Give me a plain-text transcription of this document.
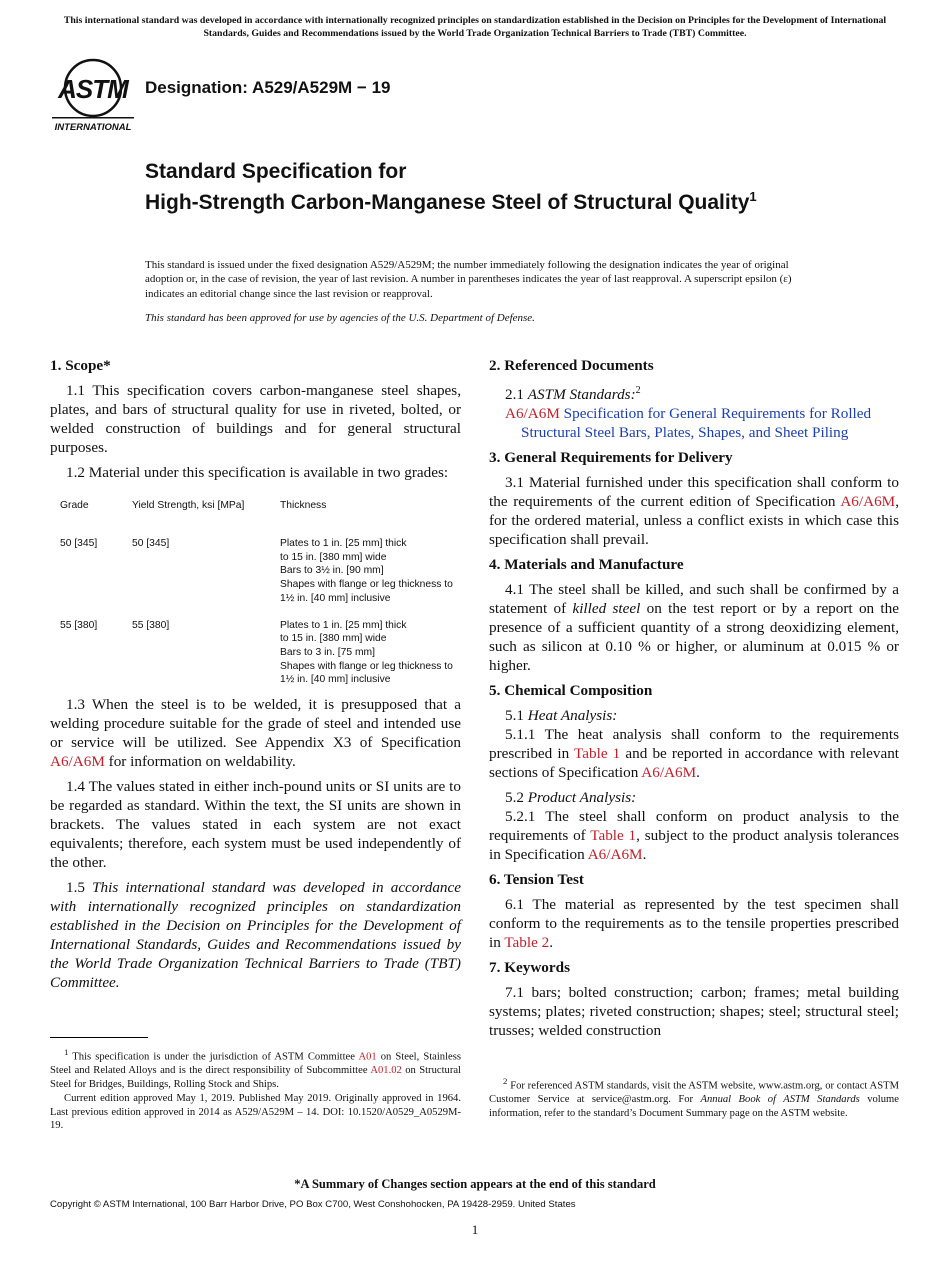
This international standard was developed in accordance with internationally recognized principles on standardization established in the Decision on Principles for the Development of International Standards, Guides and Recommendations issued by the World Trade Organization Technical Barriers to Trade (TBT) Committee.
ASTM
INTERNATIONAL
Designation: A529/A529M − 19
Standard Specification for
High-Strength Carbon-Manganese Steel of Structural Quality$^1$
This standard is issued under the fixed designation A529/A529M; the number immediately following the designation indicates the year of original adoption or, in the case of revision, the year of last revision. A number in parentheses indicates the year of last reapproval. A superscript epsilon (ε) indicates an editorial change since the last revision or reapproval.
This standard has been approved for use by agencies of the U.S. Department of Defense.
1. Scope*

1.1 This specification covers carbon-manganese steel shapes, plates, and bars of structural quality for use in riveted, bolted, or welded construction of buildings and for general structural purposes.

1.2 Material under this specification is available in two grades:

Grade	Yield Strength, ksi [MPa]	Thickness
50 [345]	50 [345]	Plates to 1 in. [25 mm] thick
to 15 in. [380 mm] wide
Bars to 3½ in. [90 mm]
Shapes with flange or leg thickness to
1½ in. [40 mm] inclusive

55 [380]	55 [380]	Plates to 1 in. [25 mm] thick
to 15 in. [380 mm] wide
Bars to 3 in. [75 mm]
Shapes with flange or leg thickness to
1½ in. [40 mm] inclusive

1.3 When the steel is to be welded, it is presupposed that a welding procedure suitable for the grade of steel and intended use or service will be utilized. See Appendix X3 of Specification A6/A6M for information on weldability.

1.4 The values stated in either inch-pound units or SI units are to be regarded as standard. Within the text, the SI units are shown in brackets. The values stated in each system are not exact equivalents; therefore, each system must be used independently of the other.

1.5 This international standard was developed in accordance with internationally recognized principles on standardization established in the Decision on Principles for the Development of International Standards, Guides and Recommendations issued by the World Trade Organization Technical Barriers to Trade (TBT) Committee.

2. Referenced Documents

2.1 ASTM Standards:$^2$

A6/A6M Specification for General Requirements for Rolled Structural Steel Bars, Plates, Shapes, and Sheet Piling

3. General Requirements for Delivery

3.1 Material furnished under this specification shall conform to the requirements of the current edition of Specification A6/A6M, for the ordered material, unless a conflict exists in which case this specification shall prevail.

4. Materials and Manufacture

4.1 The steel shall be killed, and such shall be confirmed by a statement of killed steel on the test report or by a report on the presence of a sufficient quantity of a strong deoxidizing element, such as silicon at 0.10 % or higher, or aluminum at 0.015 % or higher.

5. Chemical Composition

5.1 Heat Analysis:

5.1.1 The heat analysis shall conform to the requirements prescribed in Table 1 and be reported in accordance with relevant sections of Specification A6/A6M.

5.2 Product Analysis:

5.2.1 The steel shall conform on product analysis to the requirements of Table 1, subject to the product analysis tolerances in Specification A6/A6M.

6. Tension Test

6.1 The material as represented by the test specimen shall conform to the requirements as to the tensile properties prescribed in Table 2.

7. Keywords

7.1 bars; bolted construction; carbon; frames; metal building systems; plates; riveted construction; shapes; steel; structural steel; trusses; welded construction

$^1$ This specification is under the jurisdiction of ASTM Committee A01 on Steel, Stainless Steel and Related Alloys and is the direct responsibility of Subcommittee A01.02 on Structural Steel for Bridges, Buildings, Rolling Stock and Ships.

Current edition approved May 1, 2019. Published May 2019. Originally approved in 1964. Last previous edition approved in 2014 as A529/A529M – 14. DOI: 10.1520/A0529_A0529M-19.

$^2$ For referenced ASTM standards, visit the ASTM website, www.astm.org, or contact ASTM Customer Service at service@astm.org. For Annual Book of ASTM Standards volume information, refer to the standard’s Document Summary page on the ASTM website.

*A Summary of Changes section appears at the end of this standard
Copyright © ASTM International, 100 Barr Harbor Drive, PO Box C700, West Conshohocken, PA 19428-2959. United States
1
